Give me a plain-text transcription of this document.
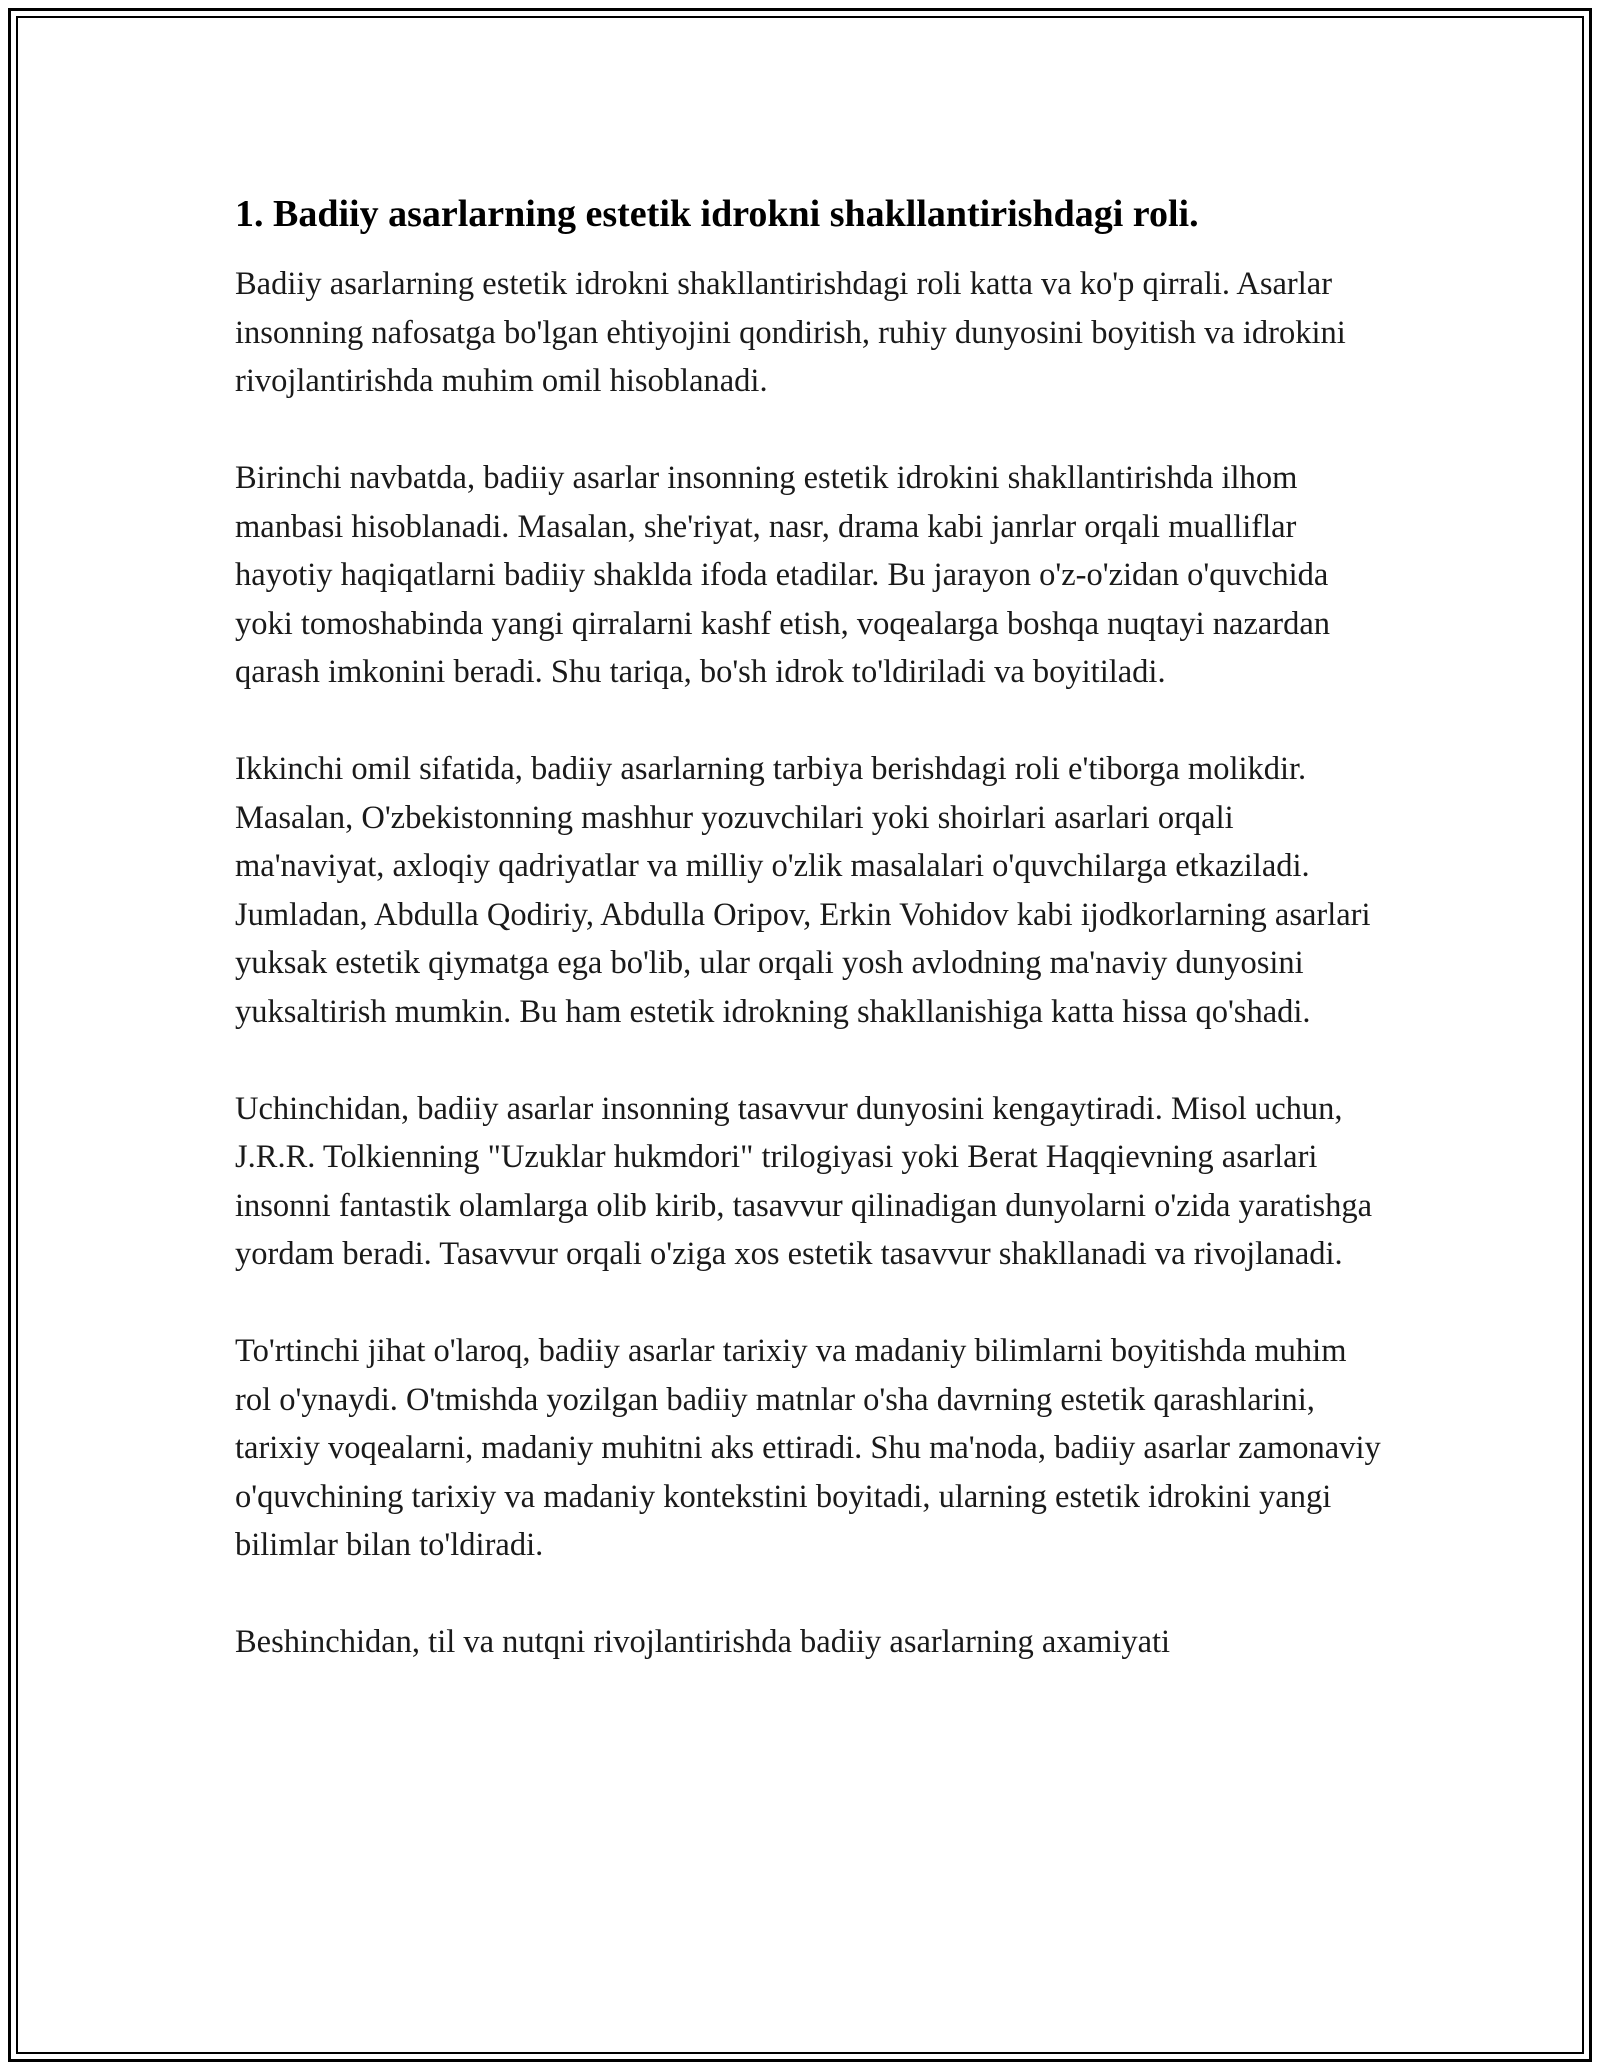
1. Badiiy asarlarning estetik idrokni shakllantirishdagi roli.

Badiiy asarlarning estetik idrokni shakllantirishdagi roli katta va ko'p qirrali. Asarlar insonning nafosatga bo'lgan ehtiyojini qondirish, ruhiy dunyosini boyitish va idrokini rivojlantirishda muhim omil hisoblanadi.

Birinchi navbatda, badiiy asarlar insonning estetik idrokini shakllantirishda ilhom manbasi hisoblanadi. Masalan, she'riyat, nasr, drama kabi janrlar orqali mualliflar hayotiy haqiqatlarni badiiy shaklda ifoda etadilar. Bu jarayon o'z-o'zidan o'quvchida yoki tomoshabinda yangi qirralarni kashf etish, voqealarga boshqa nuqtayi nazardan qarash imkonini beradi. Shu tariqa, bo'sh idrok to'ldiriladi va boyitiladi.

Ikkinchi omil sifatida, badiiy asarlarning tarbiya berishdagi roli e'tiborga molikdir. Masalan, O'zbekistonning mashhur yozuvchilari yoki shoirlari asarlari orqali ma'naviyat, axloqiy qadriyatlar va milliy o'zlik masalalari o'quvchilarga etkaziladi. Jumladan, Abdulla Qodiriy, Abdulla Oripov, Erkin Vohidov kabi ijodkorlarning asarlari yuksak estetik qiymatga ega bo'lib, ular orqali yosh avlodning ma'naviy dunyosini yuksaltirish mumkin. Bu ham estetik idrokning shakllanishiga katta hissa qo'shadi.

Uchinchidan, badiiy asarlar insonning tasavvur dunyosini kengaytiradi. Misol uchun, J.R.R. Tolkienning "Uzuklar hukmdori" trilogiyasi yoki Berat Haqqievning asarlari insonni fantastik olamlarga olib kirib, tasavvur qilinadigan dunyolarni o'zida yaratishga yordam beradi. Tasavvur orqali o'ziga xos estetik tasavvur shakllanadi va rivojlanadi.

To'rtinchi jihat o'laroq, badiiy asarlar tarixiy va madaniy bilimlarni boyitishda muhim rol o'ynaydi. O'tmishda yozilgan badiiy matnlar o'sha davrning estetik qarashlarini, tarixiy voqealarni, madaniy muhitni aks ettiradi. Shu ma'noda, badiiy asarlar zamonaviy o'quvchining tarixiy va madaniy kontekstini boyitadi, ularning estetik idrokini yangi bilimlar bilan to'ldiradi.

Beshinchidan, til va nutqni rivojlantirishda badiiy asarlarning axamiyati
